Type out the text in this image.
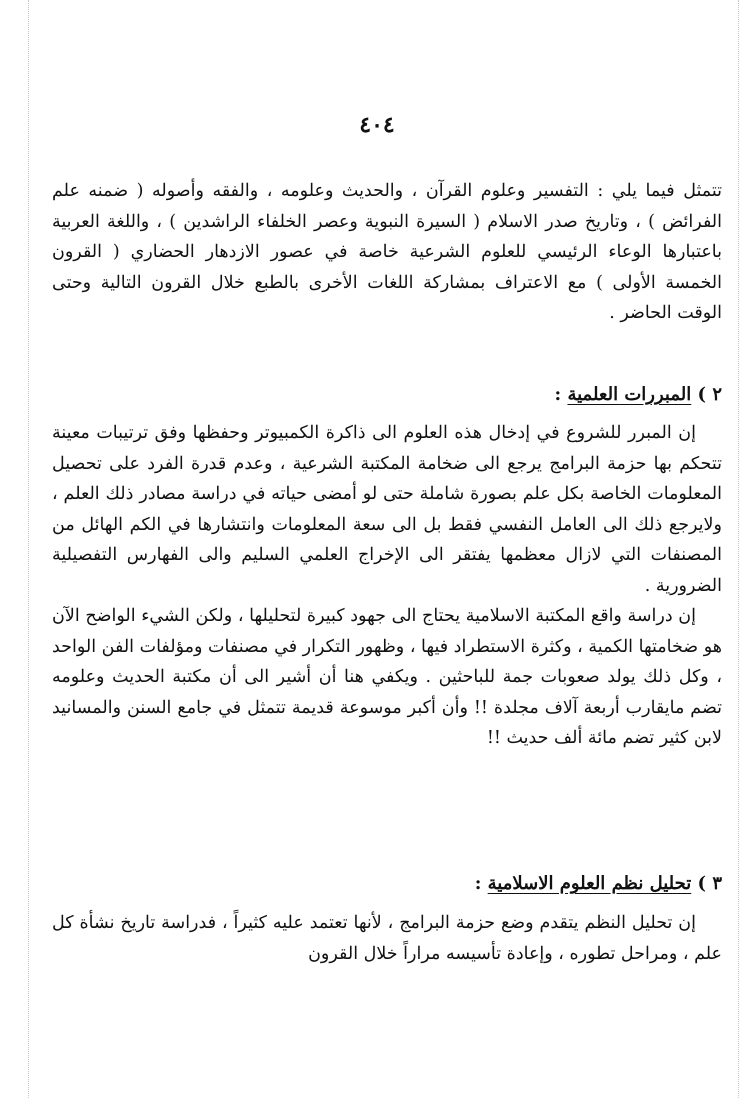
٤٠٤

تتمثل فيما يلي : التفسير وعلوم القرآن ، والحديث وعلومه ، والفقه وأصوله ( ضمنه علم الفرائض ) ، وتاريخ صدر الاسلام ( السيرة النبوية وعصر الخلفاء الراشدين ) ، واللغة العربية باعتبارها الوعاء الرئيسي للعلوم الشرعية خاصة في عصور الازدهار الحضاري ( القرون الخمسة الأولى ) مع الاعتراف بمشاركة اللغات الأخرى بالطبع خلال القرون التالية وحتى الوقت الحاضر .

٢ ) المبررات العلمية :

إن المبرر للشروع في إدخال هذه العلوم الى ذاكرة الكمبيوتر وحفظها وفق ترتيبات معينة تتحكم بها حزمة البرامج يرجع الى ضخامة المكتبة الشرعية ، وعدم قدرة الفرد على تحصيل المعلومات الخاصة بكل علم بصورة شاملة حتى لو أمضى حياته في دراسة مصادر ذلك العلم ، ولايرجع ذلك الى العامل النفسي فقط بل الى سعة المعلومات وانتشارها في الكم الهائل من المصنفات التي لازال معظمها يفتقر الى الإخراج العلمي السليم والى الفهارس التفصيلية الضرورية .

إن دراسة واقع المكتبة الاسلامية يحتاج الى جهود كبيرة لتحليلها ، ولكن الشيء الواضح الآن هو ضخامتها الكمية ، وكثرة الاستطراد فيها ، وظهور التكرار في مصنفات ومؤلفات الفن الواحد ، وكل ذلك يولد صعوبات جمة للباحثين . ويكفي هنا أن أشير الى أن مكتبة الحديث وعلومه تضم مايقارب أربعة آلاف مجلدة !! وأن أكبر موسوعة قديمة تتمثل في جامع السنن والمسانيد لابن كثير تضم مائة ألف حديث !!

٣ ) تحليل نظم العلوم الاسلامية :

إن تحليل النظم يتقدم وضع حزمة البرامج ، لأنها تعتمد عليه كثيراً ، فدراسة تاريخ نشأة كل علم ، ومراحل تطوره ، وإعادة تأسيسه مراراً خلال القرون
